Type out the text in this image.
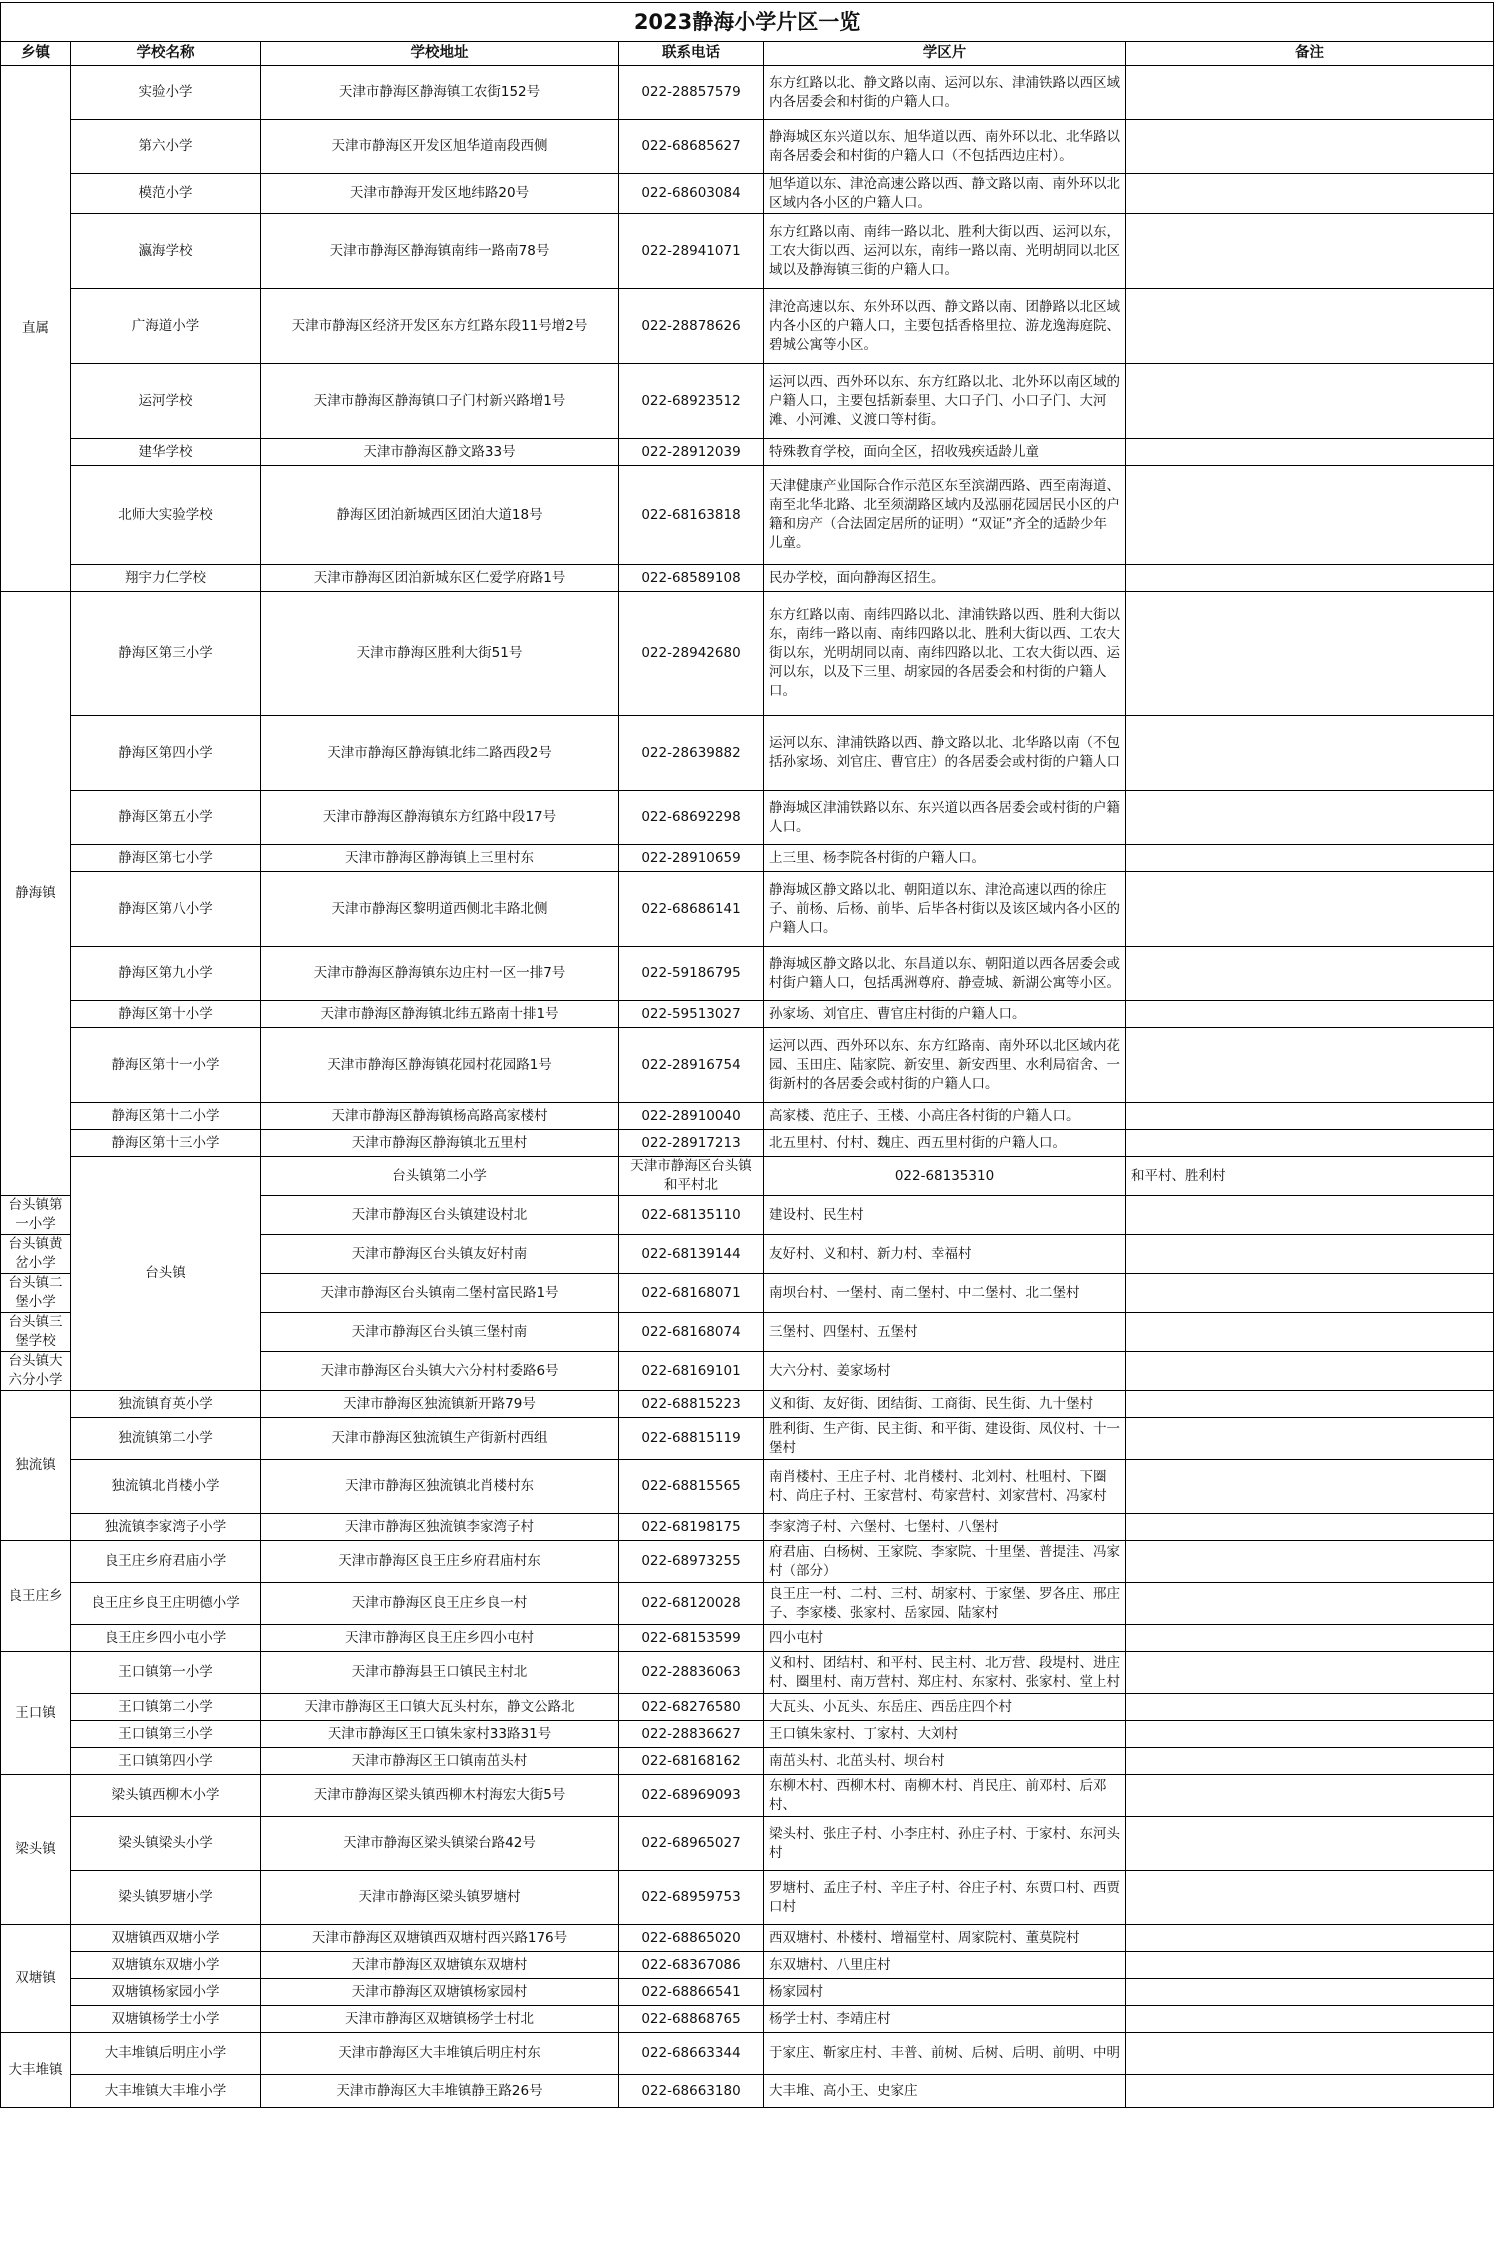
2023静海小学片区一览						
乡镇	学校名称	学校地址	联系电话	学区片	备注	
直属	实验小学	天津市静海区静海镇工农街152号	022-28857579	东方红路以北、静文路以南、运河以东、津浦铁路以西区域内各居委会和村街的户籍人口。		
	第六小学	天津市静海区开发区旭华道南段西侧	022-68685627	静海城区东兴道以东、旭华道以西、南外环以北、北华路以南各居委会和村街的户籍人口（不包括西边庄村）。		
	模范小学	天津市静海开发区地纬路20号	022-68603084	旭华道以东、津沧高速公路以西、静文路以南、南外环以北区域内各小区的户籍人口。		
	瀛海学校	天津市静海区静海镇南纬一路南78号	022-28941071	东方红路以南、南纬一路以北、胜利大街以西、运河以东，工农大街以西、运河以东，南纬一路以南、光明胡同以北区域以及静海镇三街的户籍人口。		
	广海道小学	天津市静海区经济开发区东方红路东段11号增2号	022-28878626	津沧高速以东、东外环以西、静文路以南、团静路以北区域内各小区的户籍人口，主要包括香格里拉、游龙逸海庭院、碧城公寓等小区。		
	运河学校	天津市静海区静海镇口子门村新兴路增1号	022-68923512	运河以西、西外环以东、东方红路以北、北外环以南区域的户籍人口，主要包括新泰里、大口子门、小口子门、大河滩、小河滩、义渡口等村街。		
	建华学校	天津市静海区静文路33号	022-28912039	特殊教育学校，面向全区，招收残疾适龄儿童		
	北师大实验学校	静海区团泊新城西区团泊大道18号	022-68163818	天津健康产业国际合作示范区东至滨湖西路、西至南海道、南至北华北路、北至须湖路区域内及泓丽花园居民小区的户籍和房产（合法固定居所的证明）“双证”齐全的适龄少年儿童。		
	翔宇力仁学校	天津市静海区团泊新城东区仁爱学府路1号	022-68589108	民办学校，面向静海区招生。		
静海镇	静海区第三小学	天津市静海区胜利大街51号	022-28942680	东方红路以南、南纬四路以北、津浦铁路以西、胜利大街以东，南纬一路以南、南纬四路以北、胜利大街以西、工农大街以东，光明胡同以南、南纬四路以北、工农大街以西、运河以东，以及下三里、胡家园的各居委会和村街的户籍人口。		
	静海区第四小学	天津市静海区静海镇北纬二路西段2号	022-28639882	运河以东、津浦铁路以西、静文路以北、北华路以南（不包括孙家场、刘官庄、曹官庄）的各居委会或村街的户籍人口		
	静海区第五小学	天津市静海区静海镇东方红路中段17号	022-68692298	静海城区津浦铁路以东、东兴道以西各居委会或村街的户籍人口。		
	静海区第七小学	天津市静海区静海镇上三里村东	022-28910659	上三里、杨李院各村街的户籍人口。		
	静海区第八小学	天津市静海区黎明道西侧北丰路北侧	022-68686141	静海城区静文路以北、朝阳道以东、津沧高速以西的徐庄子、前杨、后杨、前毕、后毕各村街以及该区域内各小区的户籍人口。		
	静海区第九小学	天津市静海区静海镇东边庄村一区一排7号	022-59186795	静海城区静文路以北、东昌道以东、朝阳道以西各居委会或村街户籍人口，包括禹洲尊府、静壹城、新湖公寓等小区。		
	静海区第十小学	天津市静海区静海镇北纬五路南十排1号	022-59513027	孙家场、刘官庄、曹官庄村街的户籍人口。		
	静海区第十一小学	天津市静海区静海镇花园村花园路1号	022-28916754	运河以西、西外环以东、东方红路南、南外环以北区域内花园、玉田庄、陆家院、新安里、新安西里、水利局宿舍、一街新村的各居委会或村街的户籍人口。		
	静海区第十二小学	天津市静海区静海镇杨高路高家楼村	022-28910040	高家楼、范庄子、王楼、小高庄各村街的户籍人口。		
	静海区第十三小学	天津市静海区静海镇北五里村	022-28917213	北五里村、付村、魏庄、西五里村街的户籍人口。		
	台头镇	台头镇第二小学	天津市静海区台头镇和平村北	022-68135310	和平村、胜利村	
台头镇第一小学		天津市静海区台头镇建设村北	022-68135110	建设村、民生村		
台头镇黄岔小学		天津市静海区台头镇友好村南	022-68139144	友好村、义和村、新力村、幸福村		
台头镇二堡小学		天津市静海区台头镇南二堡村富民路1号	022-68168071	南坝台村、一堡村、南二堡村、中二堡村、北二堡村		
台头镇三堡学校		天津市静海区台头镇三堡村南	022-68168074	三堡村、四堡村、五堡村		
台头镇大六分小学		天津市静海区台头镇大六分村村委路6号	022-68169101	大六分村、姜家场村		
独流镇	独流镇育英小学	天津市静海区独流镇新开路79号	022-68815223	义和街、友好街、团结街、工商街、民生街、九十堡村		
	独流镇第二小学	天津市静海区独流镇生产街新村西组	022-68815119	胜利街、生产街、民主街、和平街、建设街、凤仪村、十一堡村		
	独流镇北肖楼小学	天津市静海区独流镇北肖楼村东	022-68815565	南肖楼村、王庄子村、北肖楼村、北刘村、杜咀村、下圈村、尚庄子村、王家营村、苟家营村、刘家营村、冯家村		
	独流镇李家湾子小学	天津市静海区独流镇李家湾子村	022-68198175	李家湾子村、六堡村、七堡村、八堡村		
良王庄乡	良王庄乡府君庙小学	天津市静海区良王庄乡府君庙村东	022-68973255	府君庙、白杨树、王家院、李家院、十里堡、普提洼、冯家村（部分）		
	良王庄乡良王庄明德小学	天津市静海区良王庄乡良一村	022-68120028	良王庄一村、二村、三村、胡家村、于家堡、罗各庄、邢庄子、李家楼、张家村、岳家园、陆家村		
	良王庄乡四小屯小学	天津市静海区良王庄乡四小屯村	022-68153599	四小屯村		
王口镇	王口镇第一小学	天津市静海县王口镇民主村北	022-28836063	义和村、团结村、和平村、民主村、北万营、段堤村、进庄村、圈里村、南万营村、郑庄村、东家村、张家村、堂上村		
	王口镇第二小学	天津市静海区王口镇大瓦头村东，静文公路北	022-68276580	大瓦头、小瓦头、东岳庄、西岳庄四个村		
	王口镇第三小学	天津市静海区王口镇朱家村33路31号	022-28836627	王口镇朱家村、丁家村、大刘村		
	王口镇第四小学	天津市静海区王口镇南茁头村	022-68168162	南茁头村、北茁头村、坝台村		
梁头镇	梁头镇西柳木小学	天津市静海区梁头镇西柳木村海宏大街5号	022-68969093	东柳木村、西柳木村、南柳木村、肖民庄、前邓村、后邓村、		
	梁头镇梁头小学	天津市静海区梁头镇梁台路42号	022-68965027	梁头村、张庄子村、小李庄村、孙庄子村、于家村、东河头村		
	梁头镇罗塘小学	天津市静海区梁头镇罗塘村	022-68959753	罗塘村、孟庄子村、辛庄子村、谷庄子村、东贾口村、西贾口村		
双塘镇	双塘镇西双塘小学	天津市静海区双塘镇西双塘村西兴路176号	022-68865020	西双塘村、朴楼村、增福堂村、周家院村、董莫院村		
	双塘镇东双塘小学	天津市静海区双塘镇东双塘村	022-68367086	东双塘村、八里庄村		
	双塘镇杨家园小学	天津市静海区双塘镇杨家园村	022-68866541	杨家园村		
	双塘镇杨学士小学	天津市静海区双塘镇杨学士村北	022-68868765	杨学士村、李靖庄村		
大丰堆镇	大丰堆镇后明庄小学	天津市静海区大丰堆镇后明庄村东	022-68663344	于家庄、靳家庄村、丰普、前树、后树、后明、前明、中明		
	大丰堆镇大丰堆小学	天津市静海区大丰堆镇静王路26号	022-68663180	大丰堆、高小王、史家庄		
